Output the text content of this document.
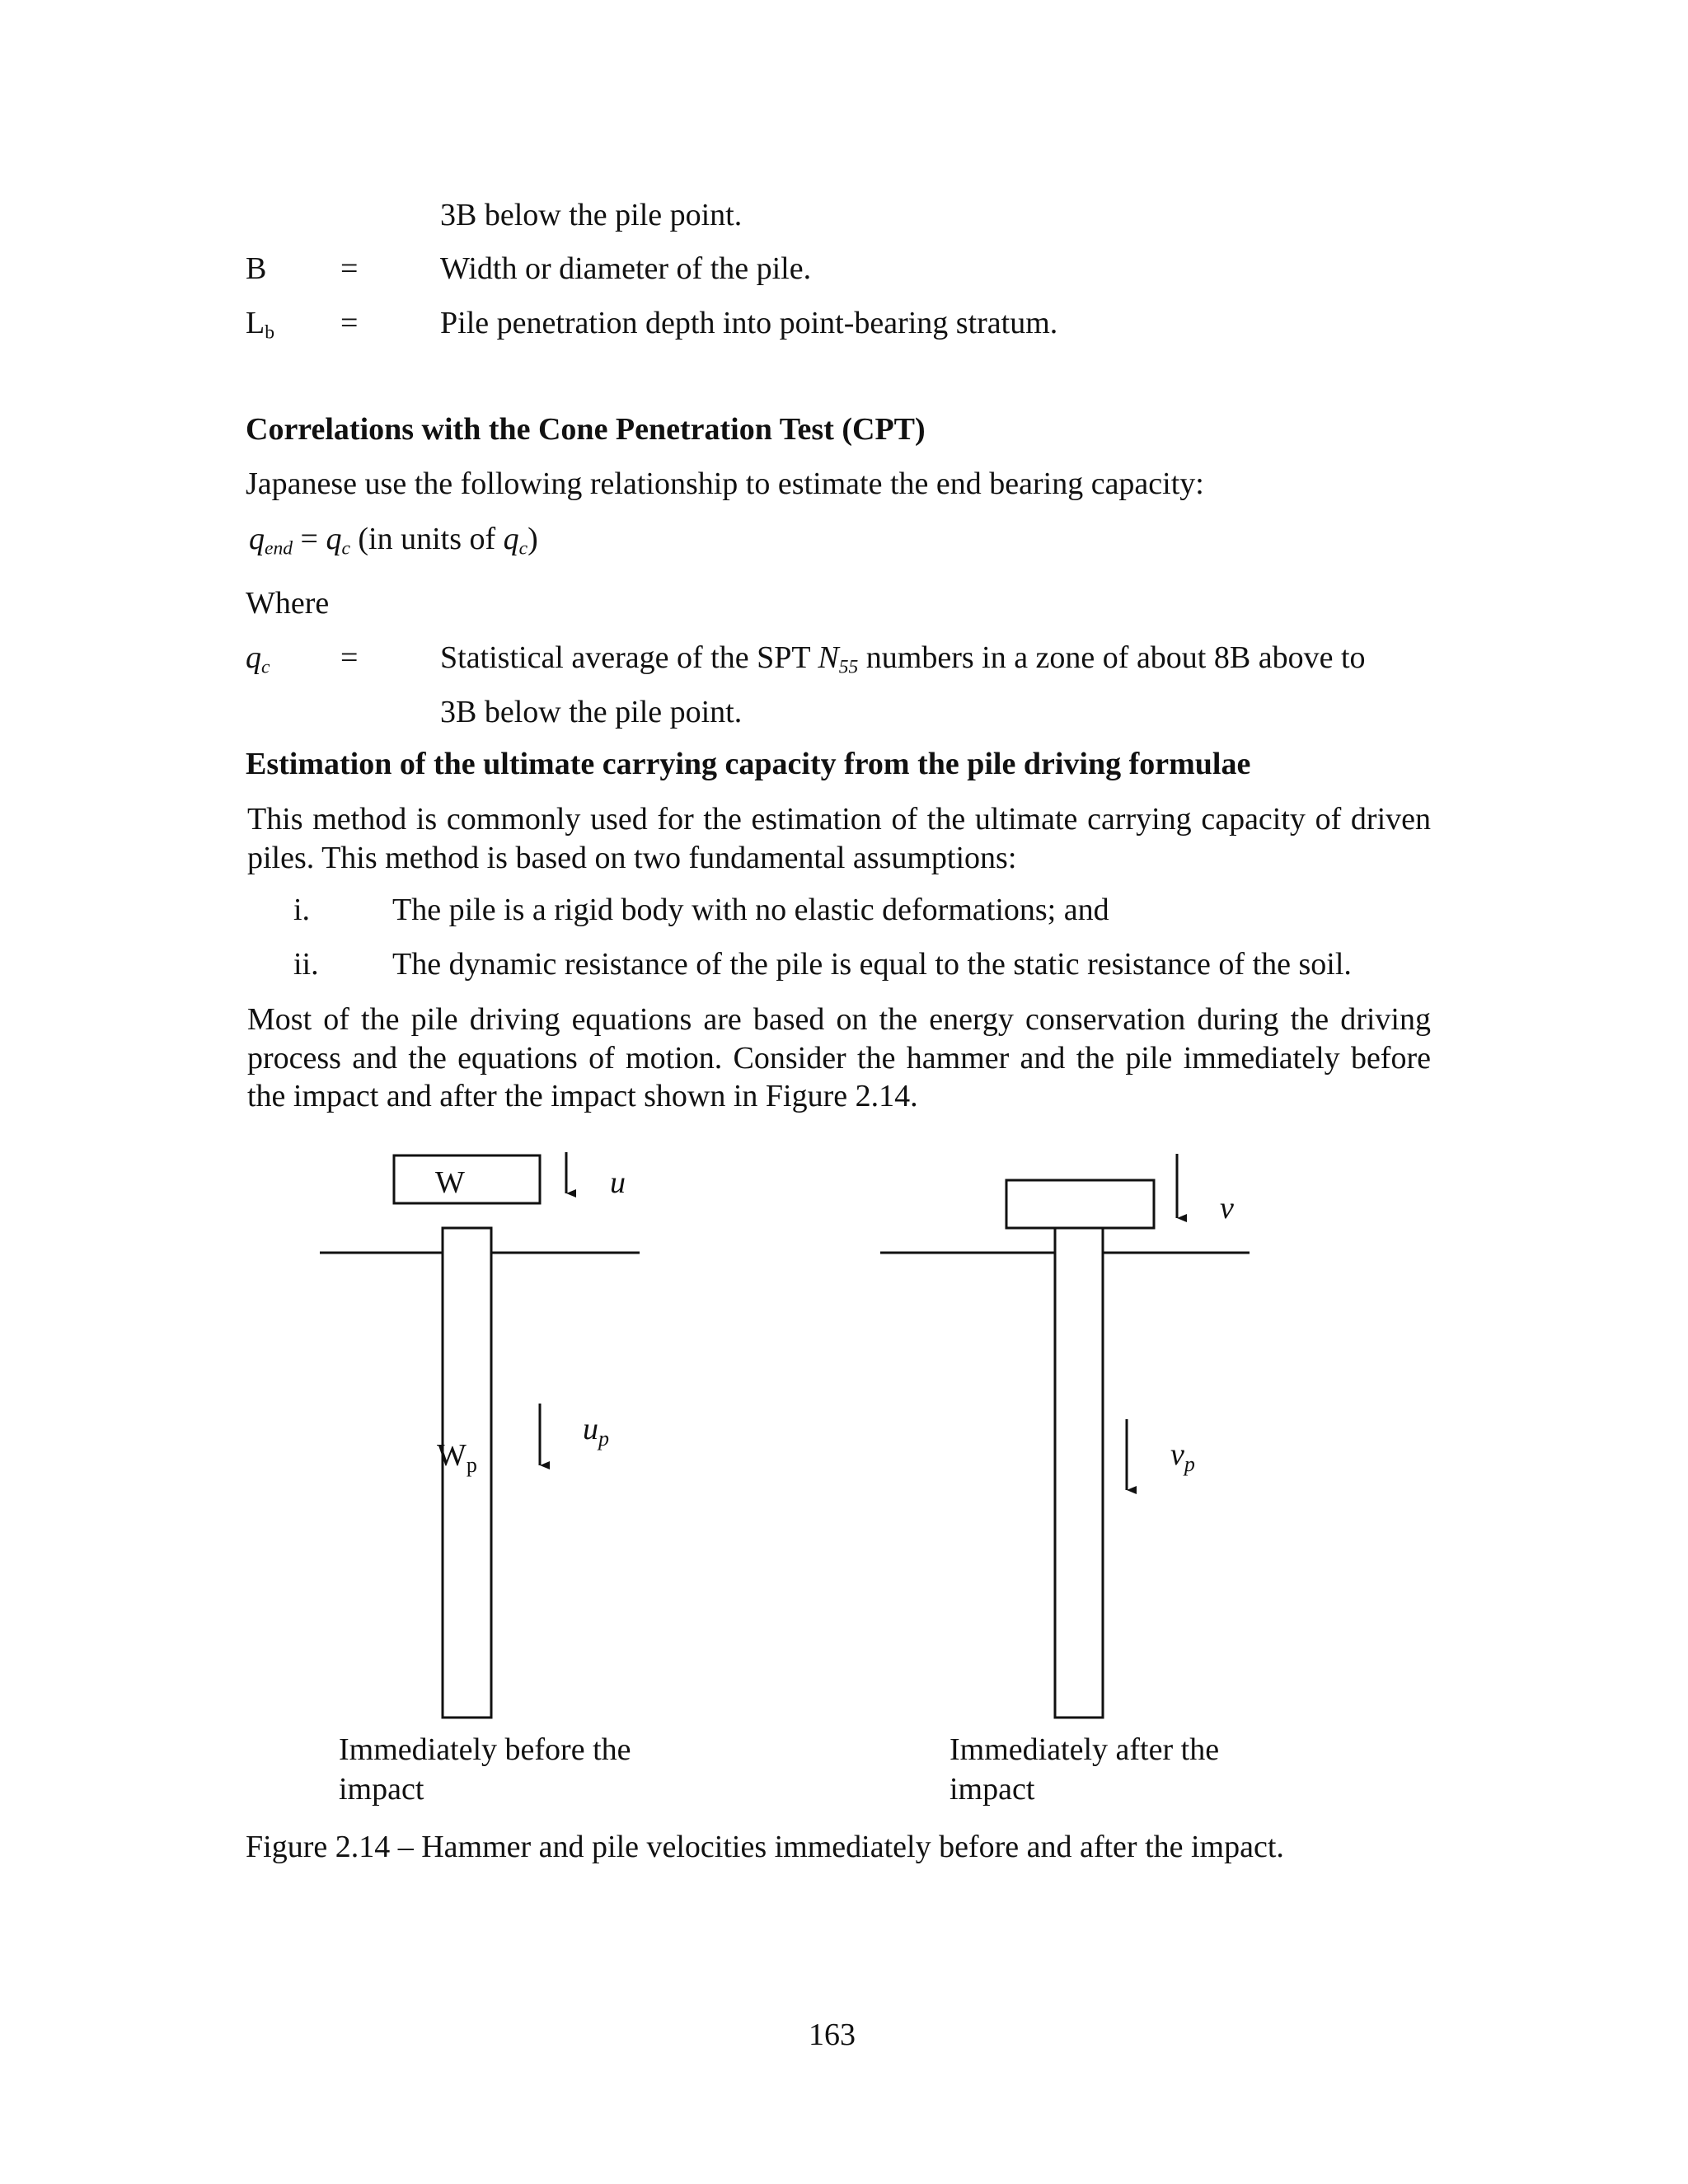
3B below the pile point.
B =	Width or diameter of the pile.
$L_b$ =	Pile penetration depth into point-bearing stratum.
Correlations with the Cone Penetration Test (CPT)
Japanese use the following relationship to estimate the end bearing capacity:
$q_{end} = q_c$ (in units of $q_c$)
Where
$q_c$ =	Statistical average of the SPT $N_{55}$ numbers in a zone of about 8B above to
3B below the pile point.
Estimation of the ultimate carrying capacity from the pile driving formulae
This method is commonly used for the estimation of the ultimate carrying capacity of driven piles. This method is based on two fundamental assumptions:
i.	The pile is a rigid body with no elastic deformations; and
ii. The dynamic resistance of the pile is equal to the static resistance of the soil.
Most of the pile driving equations are based on the energy conservation during the driving process and the equations of motion. Consider the hammer and the pile immediately before the impact and after the impact shown in Figure 2.14.
W	u
$W_p$
$u_p$
Immediately before the
impact
v
$v_p$
Immediately after the
impact
Figure 2.14 – Hammer and pile velocities immediately before and after the impact.
163
